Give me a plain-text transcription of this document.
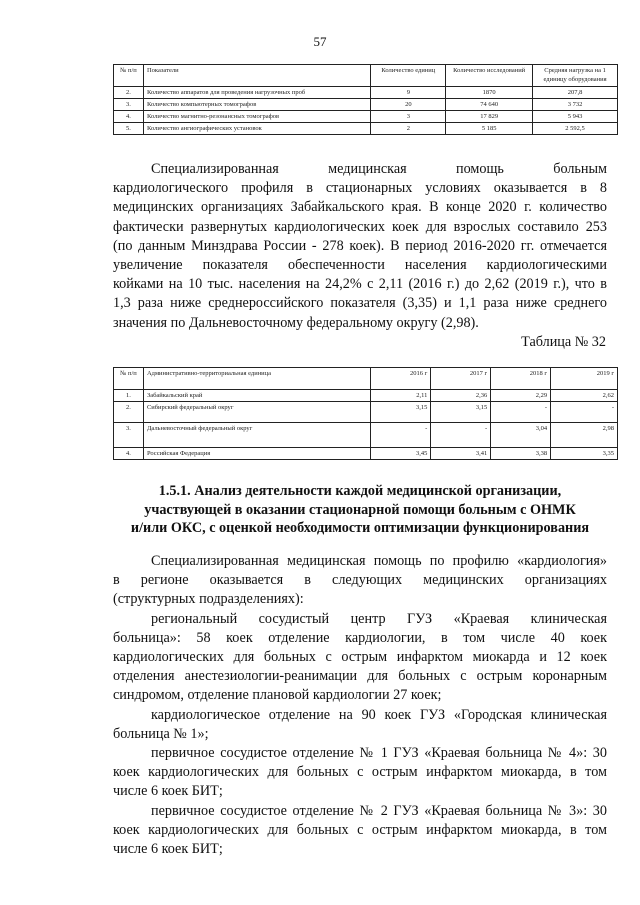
57
№ п/п	Показатели	Количество единиц	Количество исследований	Средняя нагрузка на 1 единицу оборудования
2.	Количество аппаратов для проведения нагрузочных проб	9	1870	207,8
3.	Количество компьютерных томографов	20	74 640	3 732
4.	Количество магнитно-резонансных томографов	3	17 829	5 943
5.	Количество ангиографических установок	2	5 185	2 592,5
Специализированная медицинская помощь больным
кардиологического профиля в стационарных условиях оказывается в 8
медицинских организациях Забайкальского края. В конце 2020 г. количество
фактически развернутых кардиологических коек для взрослых составило 253
(по данным Минздрава России - 278 коек). В период 2016-2020 гг. отмечается
увеличение показателя обеспеченности населения кардиологическими
койками на 10 тыс. населения на 24,2% с 2,11 (2016 г.) до 2,62 (2019 г.), что в
1,3 раза ниже среднероссийского показателя (3,35) и 1,1 раза ниже среднего
значения по Дальневосточному федеральному округу (2,98).
Таблица № 32
№ п/п	Административно-территориальная единица	2016 г	2017 г	2018 г	2019 г
1.	Забайкальский край	2,11	2,36	2,29	2,62
2.	Сибирский федеральный округ	3,15	3,15	-	-
3.	Дальневосточный федеральный округ	-	-	3,04	2,98
4.	Российская Федерация	3,45	3,41	3,38	3,35
1.5.1. Анализ деятельности каждой медицинской организации,
участвующей в оказании стационарной помощи больным с ОНМК
и/или ОКС, с оценкой необходимости оптимизации функционирования
Специализированная медицинская помощь по профилю «кардиология»
в регионе оказывается в следующих медицинских организациях
(структурных подразделениях):
региональный сосудистый центр ГУЗ «Краевая клиническая
больница»: 58 коек отделение кардиологии, в том числе 40 коек
кардиологических для больных с острым инфарктом миокарда и 12 коек
отделения анестезиологии-реанимации для больных с острым коронарным
синдромом, отделение плановой кардиологии 27 коек;
кардиологическое отделение на 90 коек ГУЗ «Городская клиническая
больница № 1»;
первичное сосудистое отделение № 1 ГУЗ «Краевая больница № 4»: 30
коек кардиологических для больных с острым инфарктом миокарда, в том
числе 6 коек БИТ;
первичное сосудистое отделение № 2 ГУЗ «Краевая больница № 3»: 30
коек кардиологических для больных с острым инфарктом миокарда, в том
числе 6 коек БИТ;
